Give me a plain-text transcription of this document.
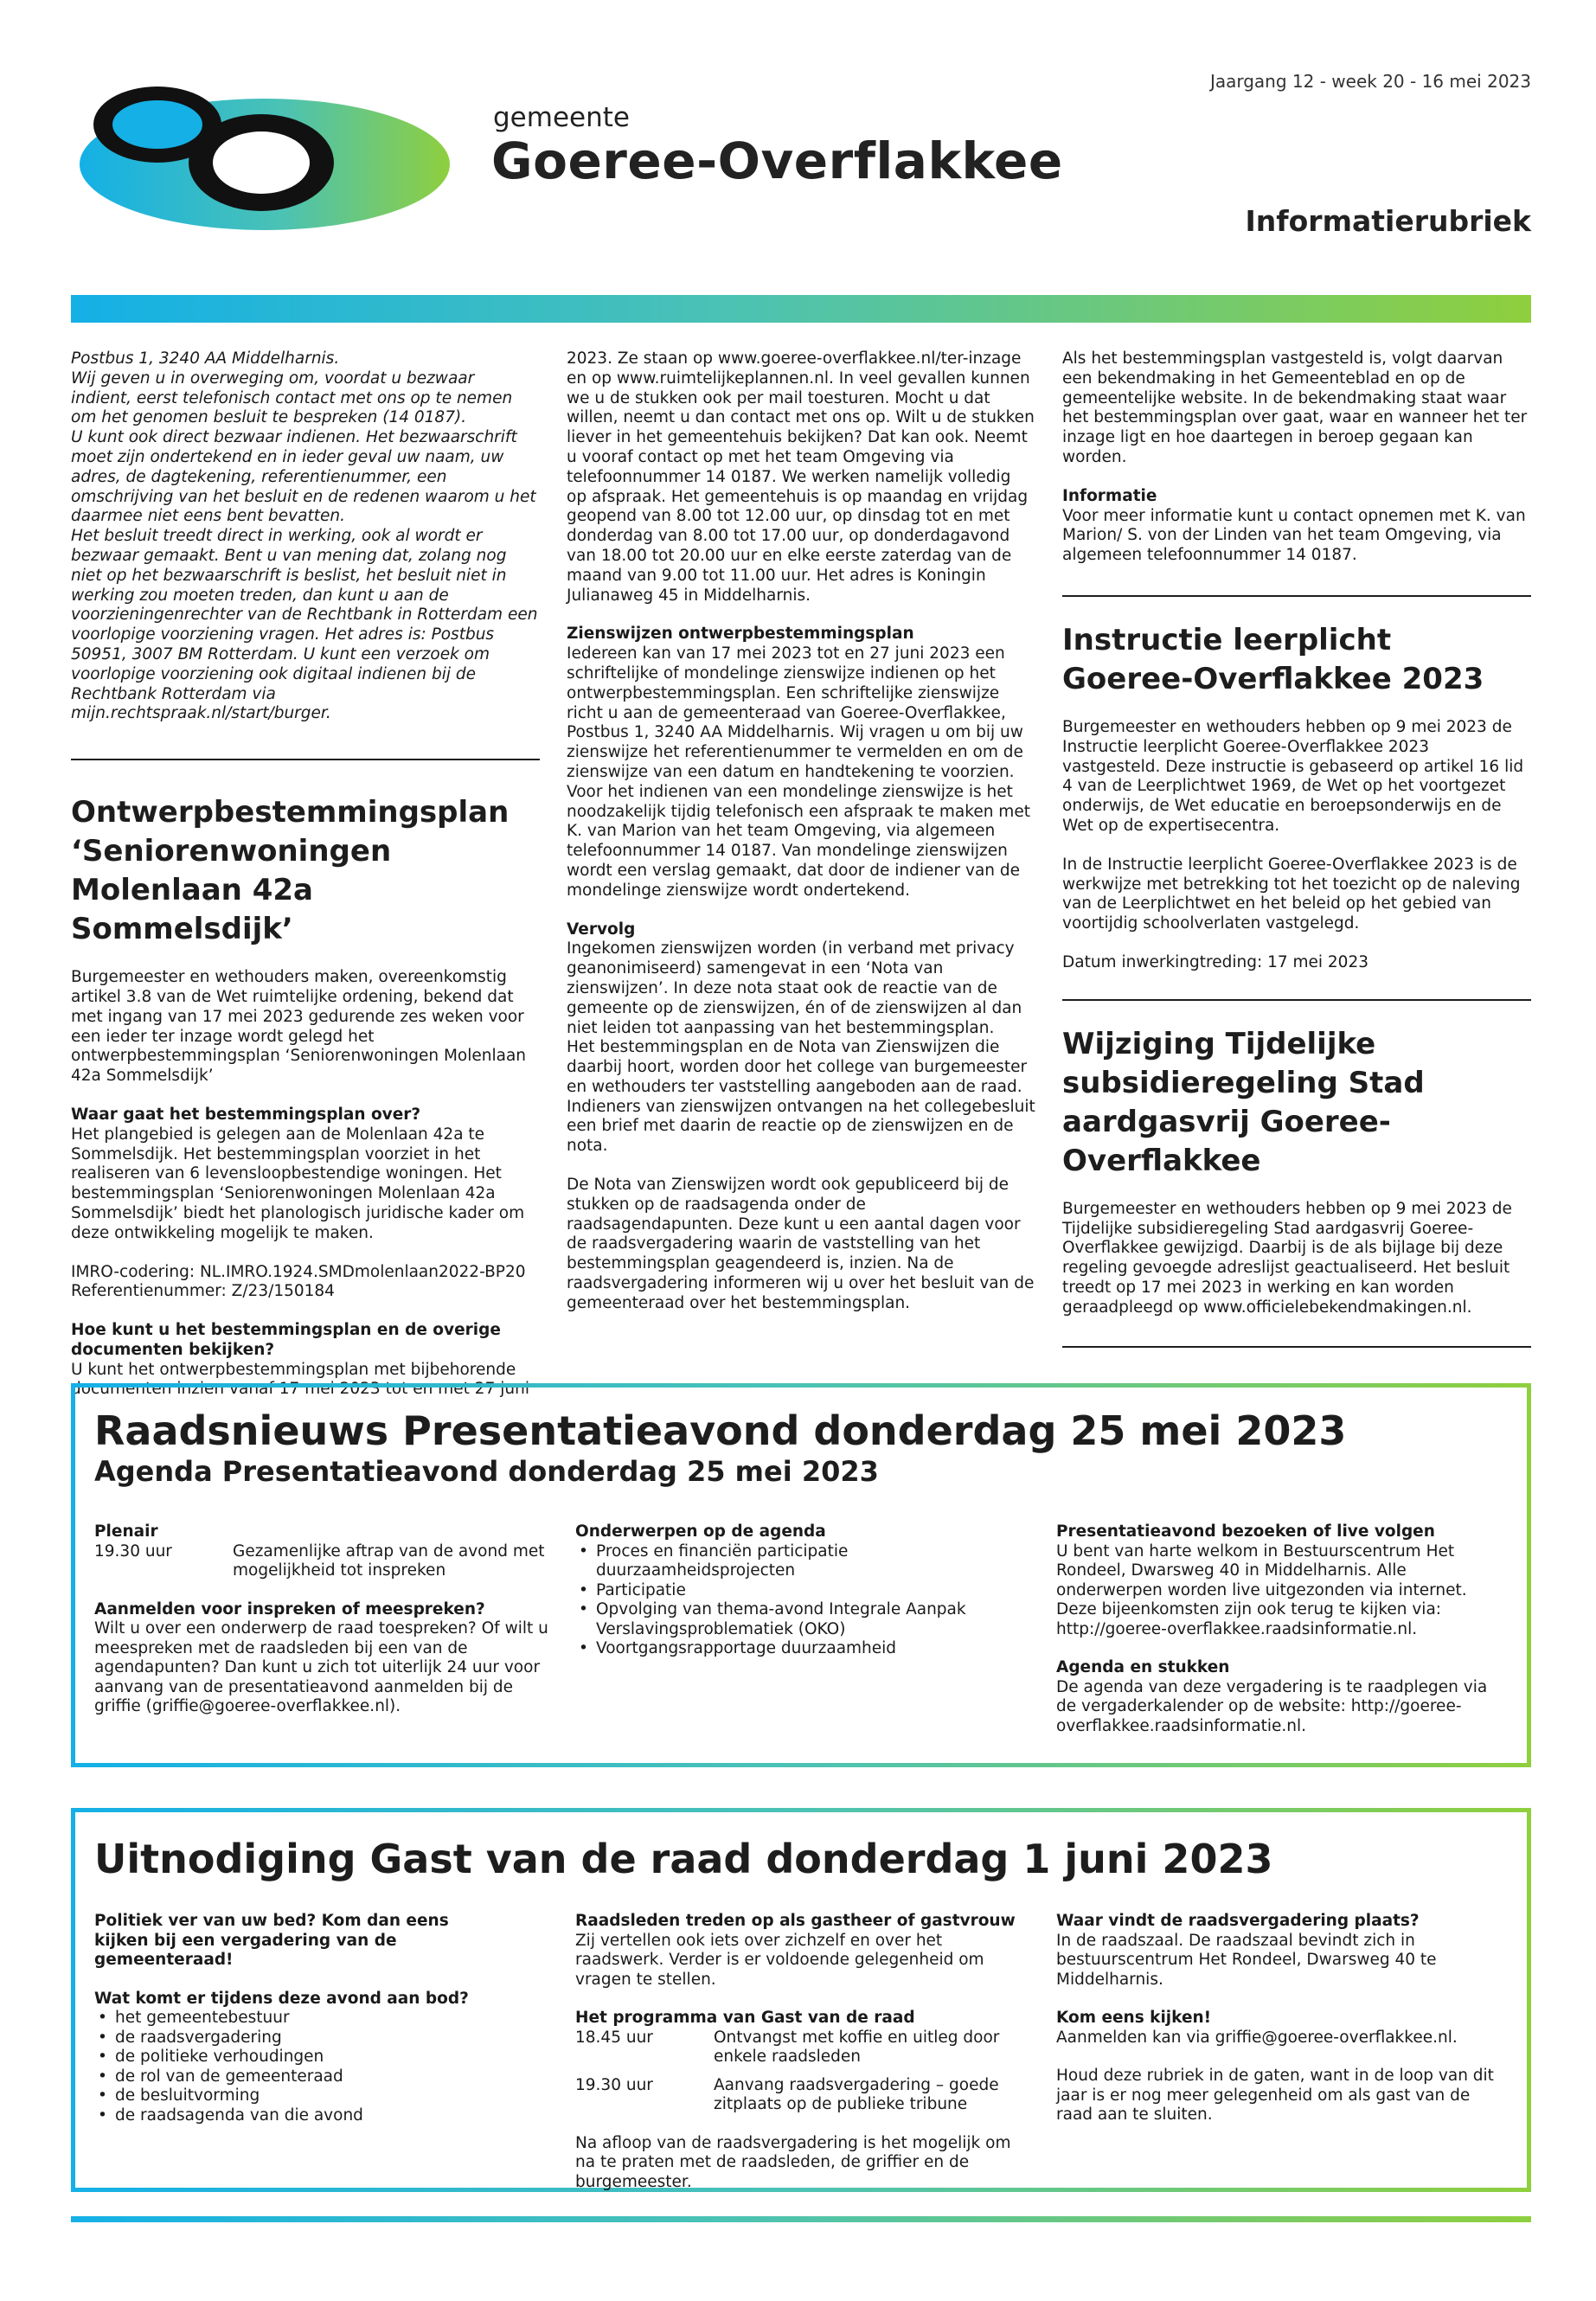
gemeente
Goeree-Overflakkee
Jaargang 12 - week 20 - 16 mei 2023
Informatierubriek
Postbus 1, 3240 AA Middelharnis.
Wij geven u in overweging om, voordat u bezwaar indient, eerst telefonisch contact met ons op te nemen om het genomen besluit te bespreken (14 0187).
U kunt ook direct bezwaar indienen. Het bezwaarschrift moet zijn ondertekend en in ieder geval uw naam, uw adres, de dagtekening, referentienummer, een omschrijving van het besluit en de redenen waarom u het daarmee niet eens bent bevatten.
Het besluit treedt direct in werking, ook al wordt er bezwaar gemaakt. Bent u van mening dat, zolang nog niet op het bezwaarschrift is beslist, het besluit niet in werking zou moeten treden, dan kunt u aan de voorzieningenrechter van de Rechtbank in Rotterdam een voorlopige voorziening vragen. Het adres is: Postbus 50951, 3007 BM Rotterdam. U kunt een verzoek om voorlopige voorziening ook digitaal indienen bij de Rechtbank Rotterdam via mijn.rechtspraak.nl/start/burger.
Ontwerpbestemmingsplan ‘Seniorenwoningen Molenlaan 42a Sommelsdijk’

Burgemeester en wethouders maken, overeenkomstig artikel 3.8 van de Wet ruimtelijke ordening, bekend dat met ingang van 17 mei 2023 gedurende zes weken voor een ieder ter inzage wordt gelegd het ontwerpbestemmingsplan ‘Seniorenwoningen Molenlaan 42a Sommelsdijk’

Waar gaat het bestemmingsplan over?

Het plangebied is gelegen aan de Molenlaan 42a te Sommelsdijk. Het bestemmingsplan voorziet in het realiseren van 6 levensloopbestendige woningen. Het bestemmingsplan ‘Seniorenwoningen Molenlaan 42a Sommelsdijk’ biedt het planologisch juridische kader om deze ontwikkeling mogelijk te maken.

IMRO-codering: NL.IMRO.1924.SMDmolenlaan2022-BP20

Referentienummer: Z/23/150184

Hoe kunt u het bestemmingsplan en de overige documenten bekijken?
U kunt het ontwerpbestemmingsplan met bijbehorende documenten inzien vanaf 17 mei 2023 tot en met 27 juni

2023. Ze staan op www.goeree-overflakkee.nl/ter-inzage en op www.ruimtelijkeplannen.nl. In veel gevallen kunnen we u de stukken ook per mail toesturen. Mocht u dat willen, neemt u dan contact met ons op. Wilt u de stukken liever in het gemeentehuis bekijken? Dat kan ook. Neemt u vooraf contact op met het team Omgeving via telefoonnummer 14 0187. We werken namelijk volledig op afspraak. Het gemeentehuis is op maandag en vrijdag geopend van 8.00 tot 12.00 uur, op dinsdag tot en met donderdag van 8.00 tot 17.00 uur, op donderdagavond van 18.00 tot 20.00 uur en elke eerste zaterdag van de maand van 9.00 tot 11.00 uur. Het adres is Koningin Julianaweg 45 in Middelharnis.

Zienswijzen ontwerpbestemmingsplan

Iedereen kan van 17 mei 2023 tot en 27 juni 2023 een schriftelijke of mondelinge zienswijze indienen op het ontwerpbestemmingsplan. Een schriftelijke zienswijze richt u aan de gemeenteraad van Goeree-Overflakkee, Postbus 1, 3240 AA Middelharnis. Wij vragen u om bij uw zienswijze het referentienummer te vermelden en om de zienswijze van een datum en handtekening te voorzien. Voor het indienen van een mondelinge zienswijze is het noodzakelijk tijdig telefonisch een afspraak te maken met K. van Marion van het team Omgeving, via algemeen telefoonnummer 14 0187. Van mondelinge zienswijzen wordt een verslag gemaakt, dat door de indiener van de mondelinge zienswijze wordt ondertekend.

Vervolg
Ingekomen zienswijzen worden (in verband met privacy geanonimiseerd) samengevat in een ‘Nota van zienswijzen’. In deze nota staat ook de reactie van de gemeente op de zienswijzen, én of de zienswijzen al dan niet leiden tot aanpassing van het bestemmingsplan.

Het bestemmingsplan en de Nota van Zienswijzen die daarbij hoort, worden door het college van burgemeester en wethouders ter vaststelling aangeboden aan de raad. Indieners van zienswijzen ontvangen na het collegebesluit een brief met daarin de reactie op de zienswijzen en de nota.

De Nota van Zienswijzen wordt ook gepubliceerd bij de stukken op de raadsagenda onder de raadsagendapunten. Deze kunt u een aantal dagen voor de raadsvergadering waarin de vaststelling van het bestemmingsplan geagendeerd is, inzien. Na de raadsvergadering informeren wij u over het besluit van de gemeenteraad over het bestemmingsplan.

Als het bestemmingsplan vastgesteld is, volgt daarvan een bekendmaking in het Gemeenteblad en op de gemeentelijke website. In de bekendmaking staat waar het bestemmingsplan over gaat, waar en wanneer het ter inzage ligt en hoe daartegen in beroep gegaan kan worden.

Informatie

Voor meer informatie kunt u contact opnemen met K. van Marion/ S. von der Linden van het team Omgeving, via algemeen telefoonnummer 14 0187.

Instructie leerplicht Goeree-Overflakkee 2023

Burgemeester en wethouders hebben op 9 mei 2023 de Instructie leerplicht Goeree-Overflakkee 2023 vastgesteld. Deze instructie is gebaseerd op artikel 16 lid 4 van de Leerplichtwet 1969, de Wet op het voortgezet onderwijs, de Wet educatie en beroepsonderwijs en de Wet op de expertisecentra.

In de Instructie leerplicht Goeree-Overflakkee 2023 is de werkwijze met betrekking tot het toezicht op de naleving van de Leerplichtwet en het beleid op het gebied van voortijdig schoolverlaten vastgelegd.

Datum inwerkingtreding: 17 mei 2023

Wijziging Tijdelijke subsidieregeling Stad aardgasvrij Goeree-Overflakkee

Burgemeester en wethouders hebben op 9 mei 2023 de Tijdelijke subsidieregeling Stad aardgasvrij Goeree-Overflakkee gewijzigd. Daarbij is de als bijlage bij deze regeling gevoegde adreslijst geactualiseerd. Het besluit treedt op 17 mei 2023 in werking en kan worden geraadpleegd op www.officielebekendmakingen.nl.

Raadsnieuws Presentatieavond donderdag 25 mei 2023
Agenda Presentatieavond donderdag 25 mei 2023
Plenair
19.30 uur	Gezamenlijke aftrap van de avond met mogelijkheid tot inspreken
Aanmelden voor inspreken of meespreken?
Wilt u over een onderwerp de raad toespreken? Of wilt u meespreken met de raadsleden bij een van de agendapunten? Dan kunt u zich tot uiterlijk 24 uur voor aanvang van de presentatieavond aanmelden bij de griffie (griffie@goeree-overflakkee.nl).
Onderwerpen op de agenda
• Proces en financiën participatie duurzaamheidsprojecten
• Participatie
• Opvolging van thema-avond Integrale Aanpak Verslavingsproblematiek (OKO)
• Voortgangsrapportage duurzaamheid
Presentatieavond bezoeken of live volgen

U bent van harte welkom in Bestuurscentrum Het Rondeel, Dwarsweg 40 in Middelharnis. Alle onderwerpen worden live uitgezonden via internet. Deze bijeenkomsten zijn ook terug te kijken via: http://goeree-overflakkee.raadsinformatie.nl.

Agenda en stukken
De agenda van deze vergadering is te raadplegen via de vergaderkalender op de website: http://goeree-overflakkee.raadsinformatie.nl.
Uitnodiging Gast van de raad donderdag 1 juni 2023

Politiek ver van uw bed? Kom dan eens kijken bij een vergadering van de gemeenteraad!

Wat komt er tijdens deze avond aan bod?
• het gemeentebestuur
• de raadsvergadering
• de politieke verhoudingen
• de rol van de gemeenteraad
• de besluitvorming
• de raadsagenda van die avond
Raadsleden treden op als gastheer of gastvrouw

Zij vertellen ook iets over zichzelf en over het raadswerk. Verder is er voldoende gelegenheid om vragen te stellen.

Het programma van Gast van de raad
18.45 uur	Ontvangst met koffie en uitleg door enkele raadsleden
19.30 uur	Aanvang raadsvergadering – goede zitplaats op de publieke tribune
Na afloop van de raadsvergadering is het mogelijk om na te praten met de raadsleden, de griffier en de burgemeester.
Waar vindt de raadsvergadering plaats?

In de raadszaal. De raadszaal bevindt zich in bestuurscentrum Het Rondeel, Dwarsweg 40 te Middelharnis.

Kom eens kijken!

Aanmelden kan via griffie@goeree-overflakkee.nl.

Houd deze rubriek in de gaten, want in de loop van dit jaar is er nog meer gelegenheid om als gast van de raad aan te sluiten.
